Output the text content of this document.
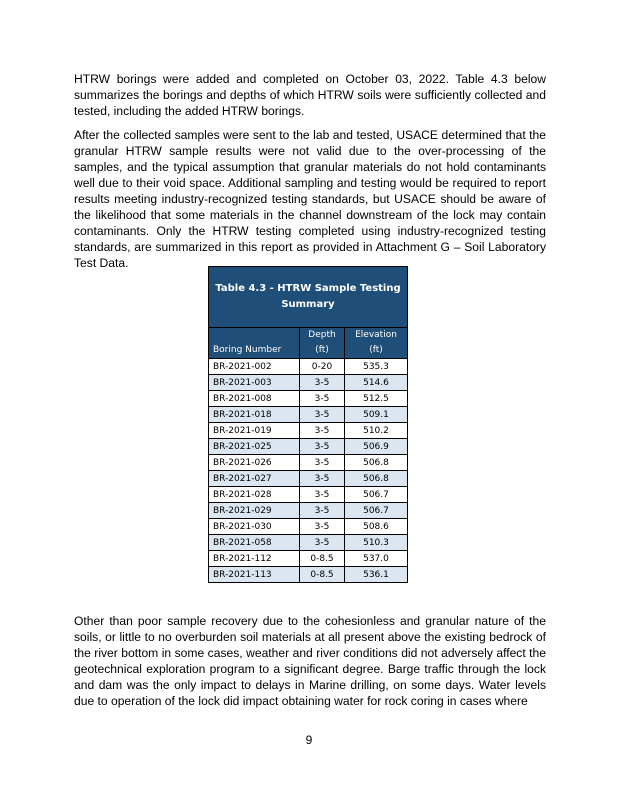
HTRW borings were added and completed on October 03, 2022. Table 4.3 below summarizes the borings and depths of which HTRW soils were sufficiently collected and tested, including the added HTRW borings.

After the collected samples were sent to the lab and tested, USACE determined that the granular HTRW sample results were not valid due to the over-processing of the samples, and the typical assumption that granular materials do not hold contaminants well due to their void space. Additional sampling and testing would be required to report results meeting industry-recognized testing standards, but USACE should be aware of the likelihood that some materials in the channel downstream of the lock may contain contaminants. Only the HTRW testing completed using industry-recognized testing standards, are summarized in this report as provided in Attachment G – Soil Laboratory Test Data.

Table 4.3 - HTRW Sample Testing Summary		
Boring Number	Depth (ft)	Elevation (ft)
BR-2021-002	0-20	535.3
BR-2021-003	3-5	514.6
BR-2021-008	3-5	512.5
BR-2021-018	3-5	509.1
BR-2021-019	3-5	510.2
BR-2021-025	3-5	506.9
BR-2021-026	3-5	506.8
BR-2021-027	3-5	506.8
BR-2021-028	3-5	506.7
BR-2021-029	3-5	506.7
BR-2021-030	3-5	508.6
BR-2021-058	3-5	510.3
BR-2021-112	0-8.5	537.0
BR-2021-113	0-8.5	536.1

Other than poor sample recovery due to the cohesionless and granular nature of the soils, or little to no overburden soil materials at all present above the existing bedrock of the river bottom in some cases, weather and river conditions did not adversely affect the geotechnical exploration program to a significant degree. Barge traffic through the lock and dam was the only impact to delays in Marine drilling, on some days. Water levels due to operation of the lock did impact obtaining water for rock coring in cases where

9
